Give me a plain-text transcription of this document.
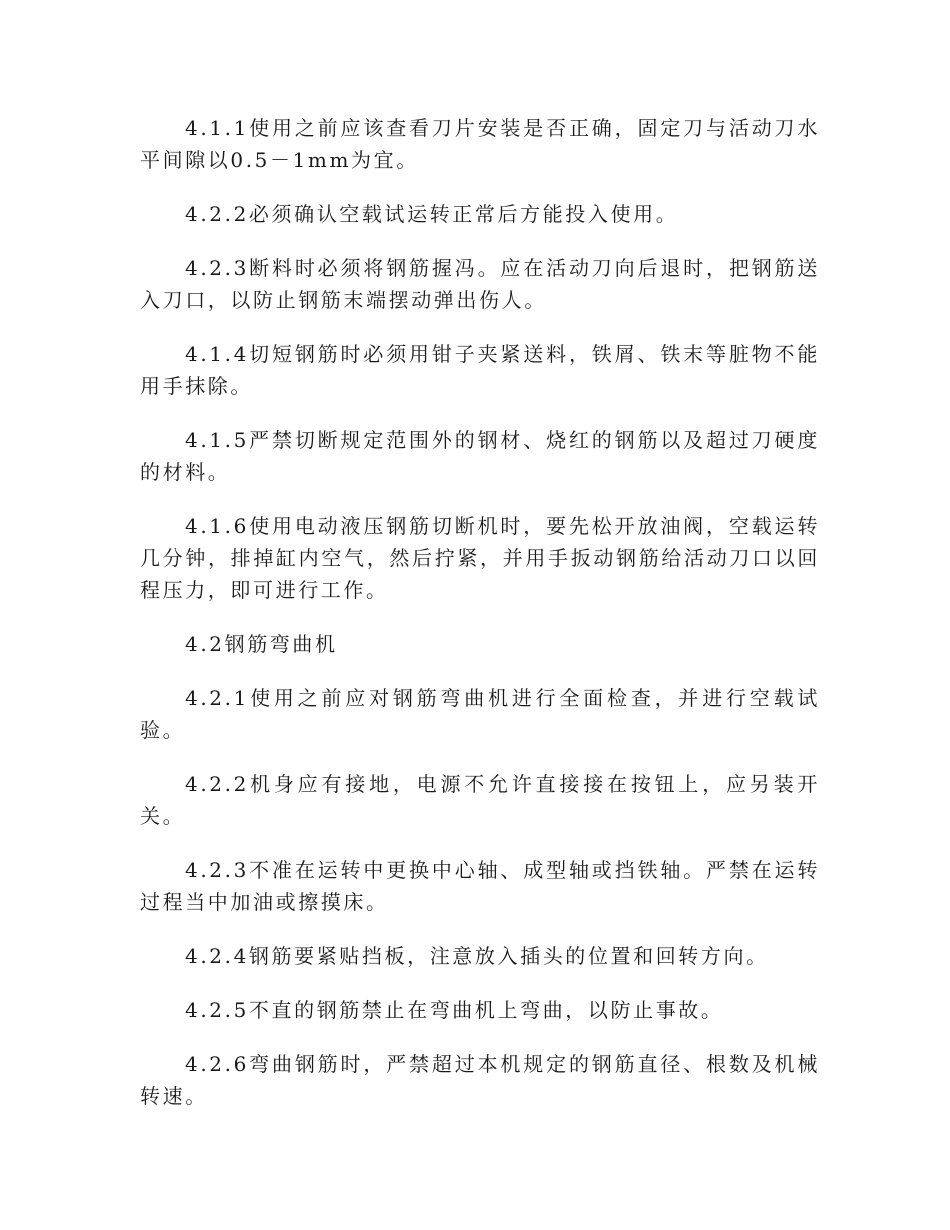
4.1.1使用之前应该查看刀片安装是否正确，固定刀与活动刀水平间隙以0.5－1mm为宜。

4.2.2必须确认空载试运转正常后方能投入使用。

4.2.3断料时必须将钢筋握冯。应在活动刀向后退时，把钢筋送入刀口，以防止钢筋末端摆动弹出伤人。

4.1.4切短钢筋时必须用钳子夹紧送料，铁屑、铁末等脏物不能用手抹除。

4.1.5严禁切断规定范围外的钢材、烧红的钢筋以及超过刀硬度的材料。

4.1.6使用电动液压钢筋切断机时，要先松开放油阀，空载运转几分钟，排掉缸内空气，然后拧紧，并用手扳动钢筋给活动刀口以回程压力，即可进行工作。

4.2钢筋弯曲机

4.2.1使用之前应对钢筋弯曲机进行全面检查，并进行空载试验。

4.2.2机身应有接地，电源不允许直接接在按钮上，应另装开关。

4.2.3不准在运转中更换中心轴、成型轴或挡铁轴。严禁在运转过程当中加油或擦摸床。

4.2.4钢筋要紧贴挡板，注意放入插头的位置和回转方向。

4.2.5不直的钢筋禁止在弯曲机上弯曲，以防止事故。

4.2.6弯曲钢筋时，严禁超过本机规定的钢筋直径、根数及机械转速。
